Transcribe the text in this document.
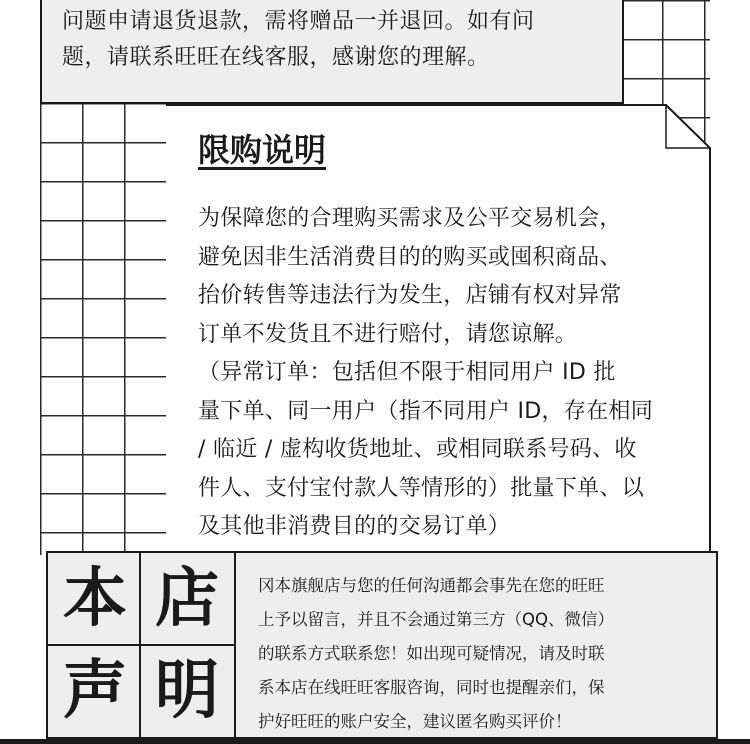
问题申请退货退款，需将赠品一并退回。如有问
题，请联系旺旺在线客服，感谢您的理解。
限购说明
为保障您的合理购买需求及公平交易机会，
避免因非生活消费目的的购买或囤积商品、
抬价转售等违法行为发生，店铺有权对异常
订单不发货且不进行赔付，请您谅解。
（异常订单：包括但不限于相同用户 ID 批
量下单、同一用户（指不同用户 ID，存在相同
/ 临近 / 虚构收货地址、或相同联系号码、收
件人、支付宝付款人等情形的）批量下单、以
及其他非消费目的的交易订单）
本 店
声 明
冈本旗舰店与您的任何沟通都会事先在您的旺旺
上予以留言，并且不会通过第三方（QQ、微信）
的联系方式联系您！如出现可疑情况，请及时联
系本店在线旺旺客服咨询，同时也提醒亲们，保
护好旺旺的账户安全，建议匿名购买评价！
